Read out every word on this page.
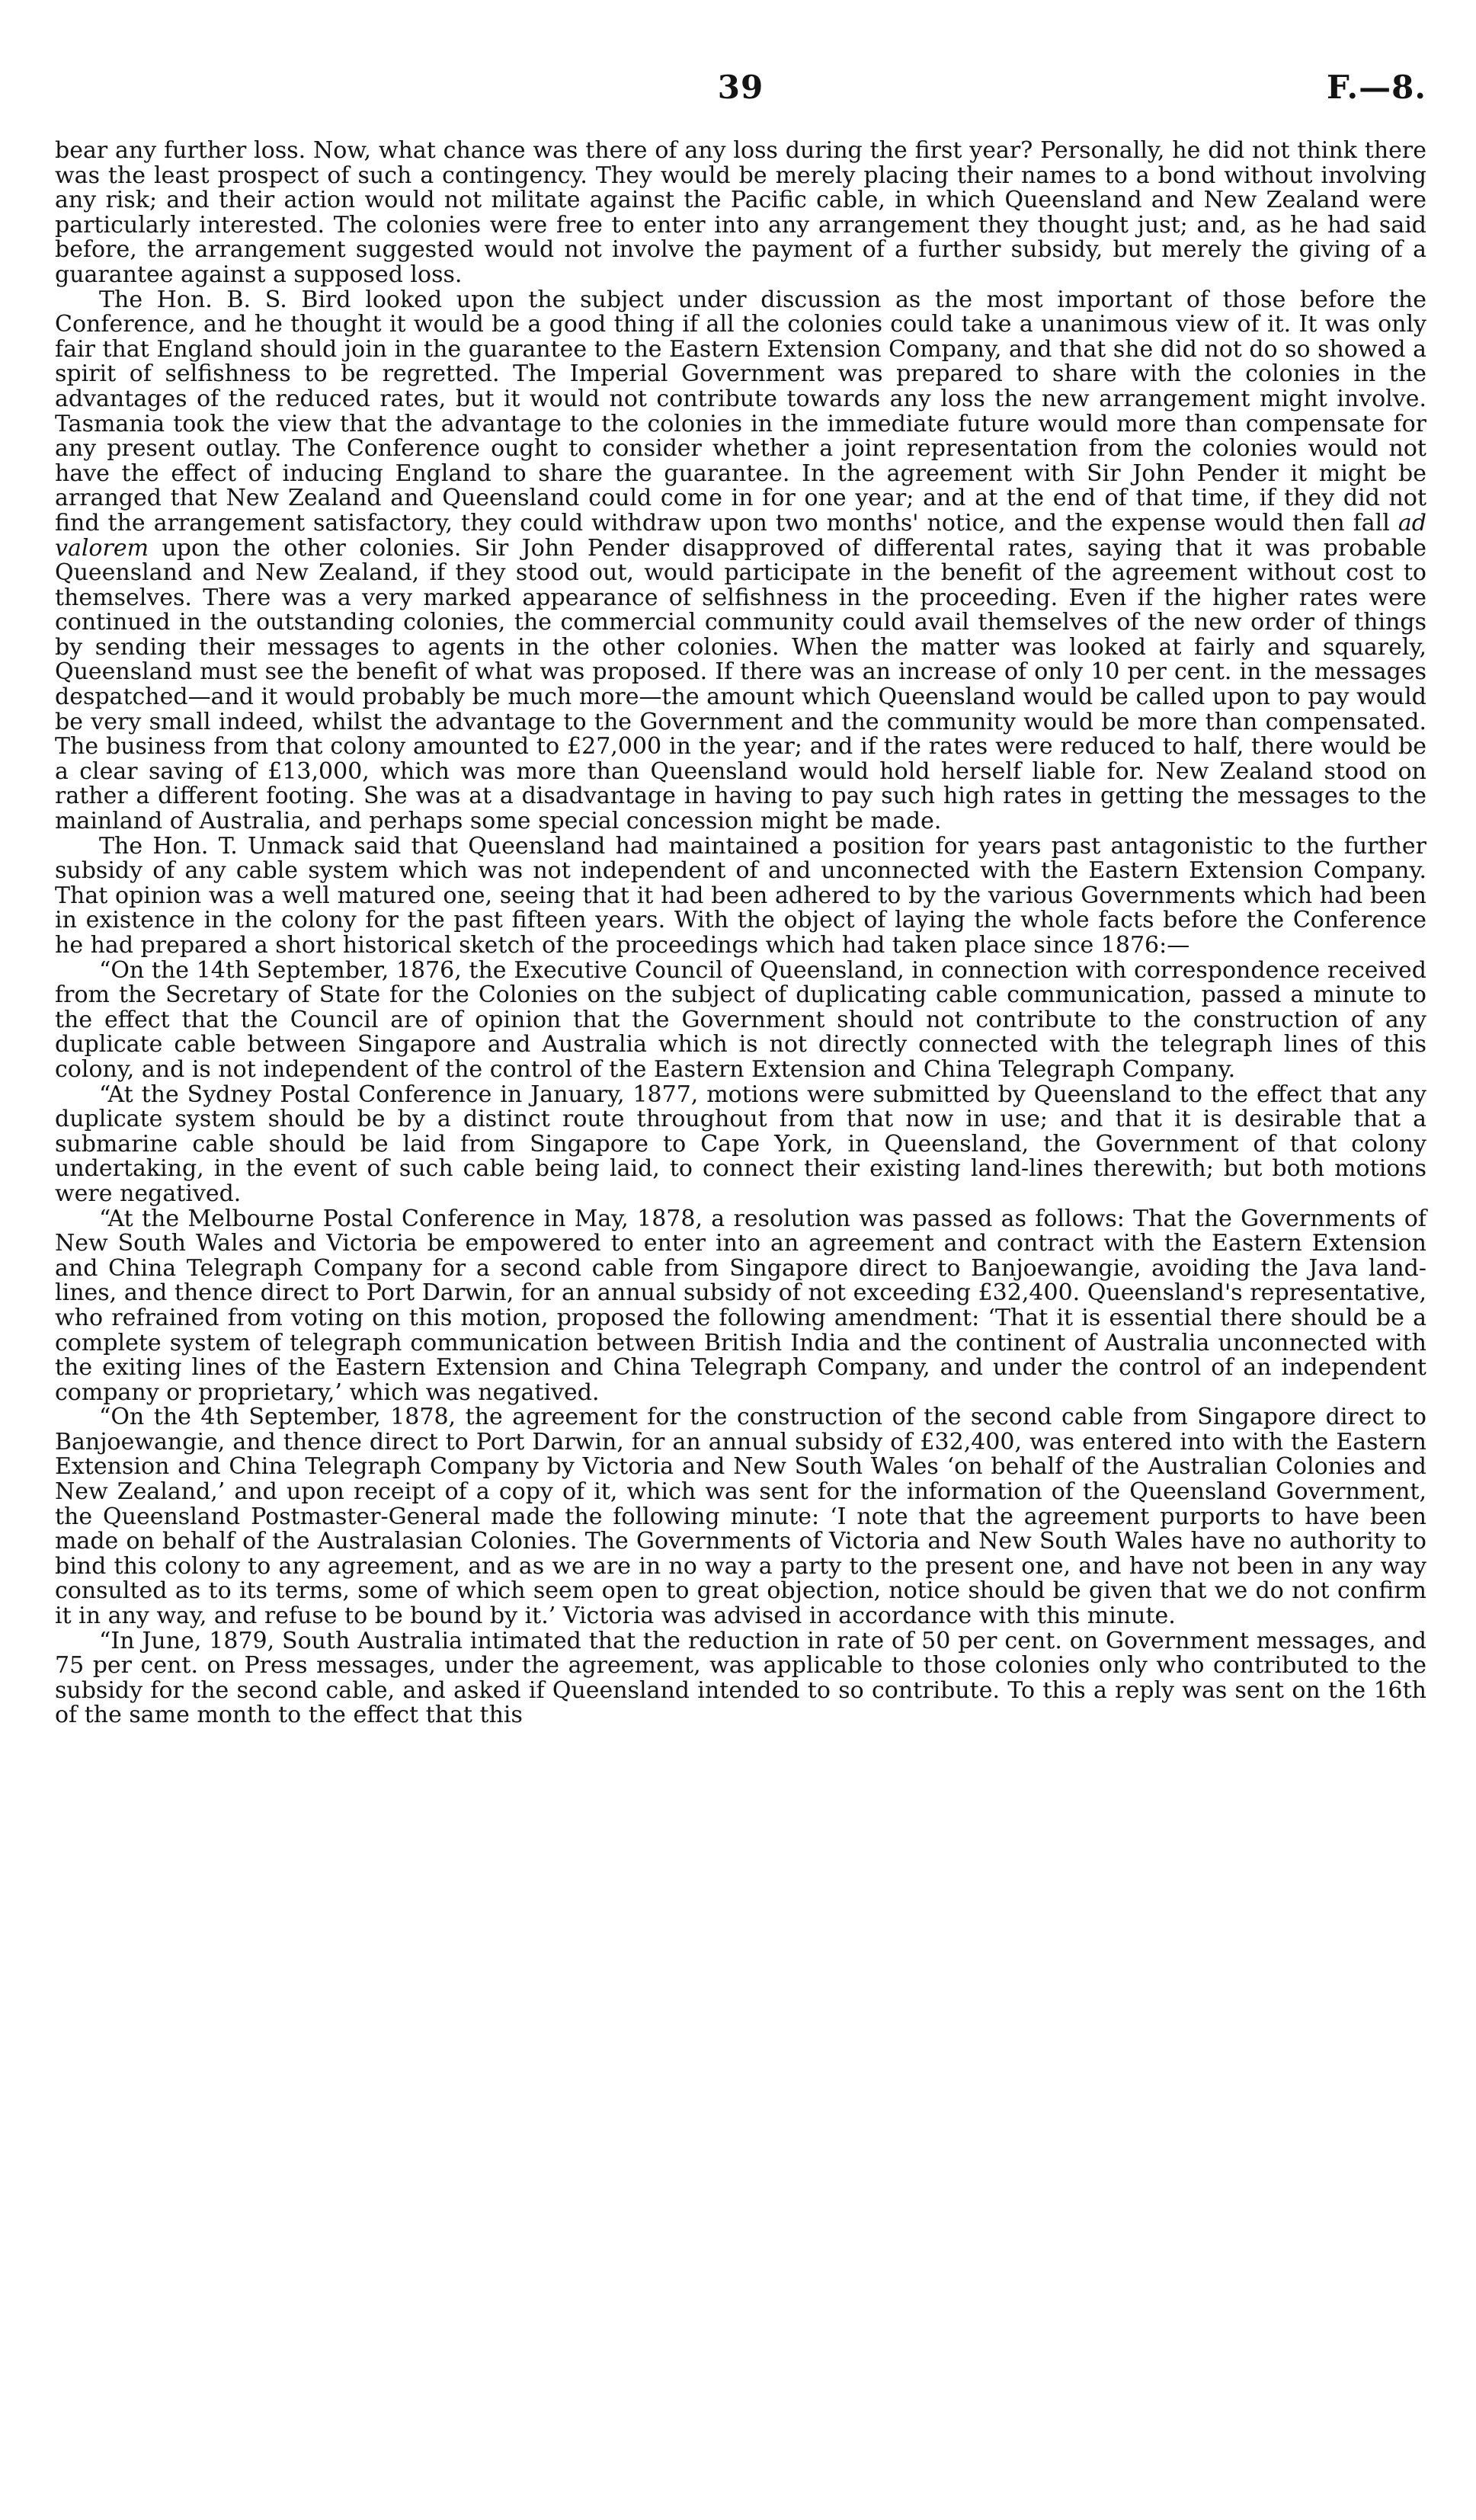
39	F.—8.

bear any further loss. Now, what chance was there of any loss during the first year? Personally, he did not think there was the least prospect of such a contingency. They would be merely placing their names to a bond without involving any risk; and their action would not militate against the Pacific cable, in which Queensland and New Zealand were particularly interested. The colonies were free to enter into any arrangement they thought just; and, as he had said before, the arrangement suggested would not involve the payment of a further subsidy, but merely the giving of a guarantee against a supposed loss.

The Hon. B. S. Bird looked upon the subject under discussion as the most important of those before the Conference, and he thought it would be a good thing if all the colonies could take a unanimous view of it. It was only fair that England should join in the guarantee to the Eastern Extension Company, and that she did not do so showed a spirit of selfishness to be regretted. The Imperial Government was prepared to share with the colonies in the advantages of the reduced rates, but it would not contribute towards any loss the new arrangement might involve. Tasmania took the view that the advantage to the colonies in the immediate future would more than compensate for any present outlay. The Conference ought to consider whether a joint representation from the colonies would not have the effect of inducing England to share the guarantee. In the agreement with Sir John Pender it might be arranged that New Zealand and Queensland could come in for one year; and at the end of that time, if they did not find the arrangement satisfactory, they could withdraw upon two months' notice, and the expense would then fall ad valorem upon the other colonies. Sir John Pender disapproved of differental rates, saying that it was probable Queensland and New Zealand, if they stood out, would participate in the benefit of the agreement without cost to themselves. There was a very marked appearance of selfishness in the proceeding. Even if the higher rates were continued in the outstanding colonies, the commercial community could avail themselves of the new order of things by sending their messages to agents in the other colonies. When the matter was looked at fairly and squarely, Queensland must see the benefit of what was proposed. If there was an increase of only 10 per cent. in the messages despatched—and it would probably be much more—the amount which Queensland would be called upon to pay would be very small indeed, whilst the advantage to the Government and the community would be more than compensated. The business from that colony amounted to £27,000 in the year; and if the rates were reduced to half, there would be a clear saving of £13,000, which was more than Queensland would hold herself liable for. New Zealand stood on rather a different footing. She was at a disadvantage in having to pay such high rates in getting the messages to the mainland of Australia, and perhaps some special concession might be made.

The Hon. T. Unmack said that Queensland had maintained a position for years past antagonistic to the further subsidy of any cable system which was not independent of and unconnected with the Eastern Extension Company. That opinion was a well matured one, seeing that it had been adhered to by the various Governments which had been in existence in the colony for the past fifteen years. With the object of laying the whole facts before the Conference he had prepared a short historical sketch of the proceedings which had taken place since 1876:—

“On the 14th September, 1876, the Executive Council of Queensland, in connection with correspondence received from the Secretary of State for the Colonies on the subject of duplicating cable communication, passed a minute to the effect that the Council are of opinion that the Government should not contribute to the construction of any duplicate cable between Singapore and Australia which is not directly connected with the telegraph lines of this colony, and is not independent of the control of the Eastern Extension and China Telegraph Company.

“At the Sydney Postal Conference in January, 1877, motions were submitted by Queensland to the effect that any duplicate system should be by a distinct route throughout from that now in use; and that it is desirable that a submarine cable should be laid from Singapore to Cape York, in Queensland, the Government of that colony undertaking, in the event of such cable being laid, to connect their existing land-lines therewith; but both motions were negatived.

“At the Melbourne Postal Conference in May, 1878, a resolution was passed as follows: That the Governments of New South Wales and Victoria be empowered to enter into an agreement and contract with the Eastern Extension and China Telegraph Company for a second cable from Singapore direct to Banjoewangie, avoiding the Java land-lines, and thence direct to Port Darwin, for an annual subsidy of not exceeding £32,400. Queensland's representative, who refrained from voting on this motion, proposed the following amendment: ‘That it is essential there should be a complete system of telegraph communication between British India and the continent of Australia unconnected with the exiting lines of the Eastern Extension and China Telegraph Company, and under the control of an independent company or proprietary,’ which was negatived.

“On the 4th September, 1878, the agreement for the construction of the second cable from Singapore direct to Banjoewangie, and thence direct to Port Darwin, for an annual subsidy of £32,400, was entered into with the Eastern Extension and China Telegraph Company by Victoria and New South Wales ‘on behalf of the Australian Colonies and New Zealand,’ and upon receipt of a copy of it, which was sent for the information of the Queensland Government, the Queensland Postmaster-General made the following minute: ‘I note that the agreement purports to have been made on behalf of the Australasian Colonies. The Governments of Victoria and New South Wales have no authority to bind this colony to any agreement, and as we are in no way a party to the present one, and have not been in any way consulted as to its terms, some of which seem open to great objection, notice should be given that we do not confirm it in any way, and refuse to be bound by it.’ Victoria was advised in accordance with this minute.

“In June, 1879, South Australia intimated that the reduction in rate of 50 per cent. on Government messages, and 75 per cent. on Press messages, under the agreement, was applicable to those colonies only who contributed to the subsidy for the second cable, and asked if Queensland intended to so contribute. To this a reply was sent on the 16th of the same month to the effect that this
